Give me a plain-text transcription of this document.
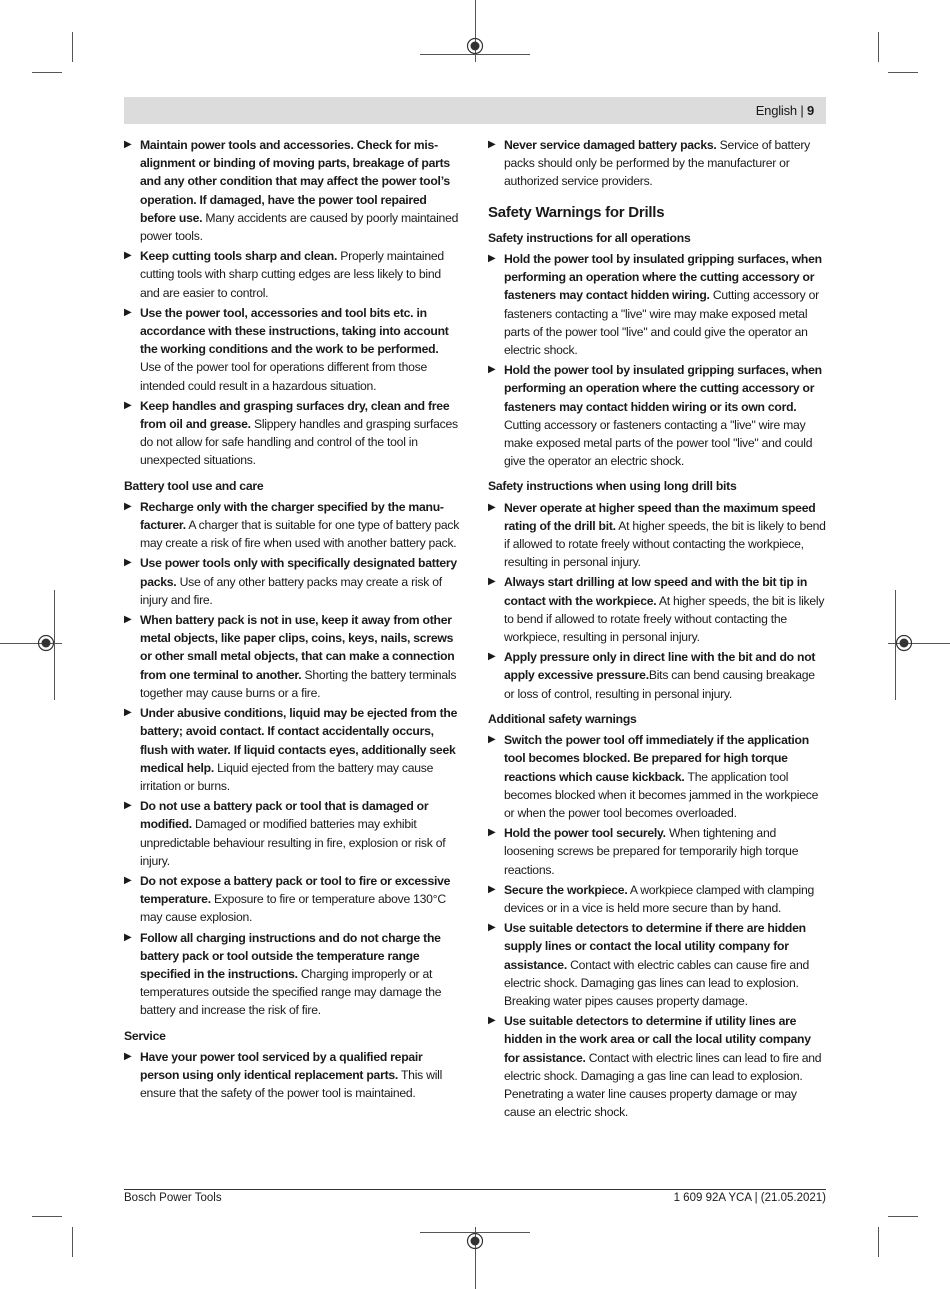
English | 9
▶ Maintain power tools and accessories. Check for misalignment or binding of moving parts, breakage of parts and any other condition that may affect the power tool’s operation. If damaged, have the power tool repaired before use. Many accidents are caused by poorly maintained power tools.
▶ Keep cutting tools sharp and clean. Properly maintained cutting tools with sharp cutting edges are less likely to bind and are easier to control.
▶ Use the power tool, accessories and tool bits etc. in accordance with these instructions, taking into account the working conditions and the work to be performed. Use of the power tool for operations different from those intended could result in a hazardous situation.
▶ Keep handles and grasping surfaces dry, clean and free from oil and grease. Slippery handles and grasping surfaces do not allow for safe handling and control of the tool in unexpected situations.
Battery tool use and care
▶ Recharge only with the charger specified by the manufacturer. A charger that is suitable for one type of battery pack may create a risk of fire when used with another battery pack.
▶ Use power tools only with specifically designated battery packs. Use of any other battery packs may create a risk of injury and fire.
▶ When battery pack is not in use, keep it away from other metal objects, like paper clips, coins, keys, nails, screws or other small metal objects, that can make a connection from one terminal to another. Shorting the battery terminals together may cause burns or a fire.
▶ Under abusive conditions, liquid may be ejected from the battery; avoid contact. If contact accidentally occurs, flush with water. If liquid contacts eyes, additionally seek medical help. Liquid ejected from the battery may cause irritation or burns.
▶ Do not use a battery pack or tool that is damaged or modified. Damaged or modified batteries may exhibit unpredictable behaviour resulting in fire, explosion or risk of injury.
▶ Do not expose a battery pack or tool to fire or excessive temperature. Exposure to fire or temperature above 130°C may cause explosion.
▶ Follow all charging instructions and do not charge the battery pack or tool outside the temperature range specified in the instructions. Charging improperly or at temperatures outside the specified range may damage the battery and increase the risk of fire.
Service
▶ Have your power tool serviced by a qualified repair person using only identical replacement parts. This will ensure that the safety of the power tool is maintained.
▶ Never service damaged battery packs. Service of battery packs should only be performed by the manufacturer or authorized service providers.
Safety Warnings for Drills
Safety instructions for all operations
▶ Hold the power tool by insulated gripping surfaces, when performing an operation where the cutting accessory or fasteners may contact hidden wiring. Cutting accessory or fasteners contacting a "live" wire may make exposed metal parts of the power tool "live" and could give the operator an electric shock.
▶ Hold the power tool by insulated gripping surfaces, when performing an operation where the cutting accessory or fasteners may contact hidden wiring or its own cord. Cutting accessory or fasteners contacting a "live" wire may make exposed metal parts of the power tool "live" and could give the operator an electric shock.
Safety instructions when using long drill bits
▶ Never operate at higher speed than the maximum speed rating of the drill bit. At higher speeds, the bit is likely to bend if allowed to rotate freely without contacting the workpiece, resulting in personal injury.
▶ Always start drilling at low speed and with the bit tip in contact with the workpiece. At higher speeds, the bit is likely to bend if allowed to rotate freely without contacting the workpiece, resulting in personal injury.
▶ Apply pressure only in direct line with the bit and do not apply excessive pressure.Bits can bend causing breakage or loss of control, resulting in personal injury.
Additional safety warnings
▶ Switch the power tool off immediately if the application tool becomes blocked. Be prepared for high torque reactions which cause kickback. The application tool becomes blocked when it becomes jammed in the workpiece or when the power tool becomes overloaded.
▶ Hold the power tool securely. When tightening and loosening screws be prepared for temporarily high torque reactions.
▶ Secure the workpiece. A workpiece clamped with clamping devices or in a vice is held more secure than by hand.
▶ Use suitable detectors to determine if there are hidden supply lines or contact the local utility company for assistance. Contact with electric cables can cause fire and electric shock. Damaging gas lines can lead to explosion. Breaking water pipes causes property damage.
▶ Use suitable detectors to determine if utility lines are hidden in the work area or call the local utility company for assistance. Contact with electric lines can lead to fire and electric shock. Damaging a gas line can lead to explosion. Penetrating a water line causes property damage or may cause an electric shock.
Bosch Power Tools	1 609 92A YCA | (21.05.2021)
